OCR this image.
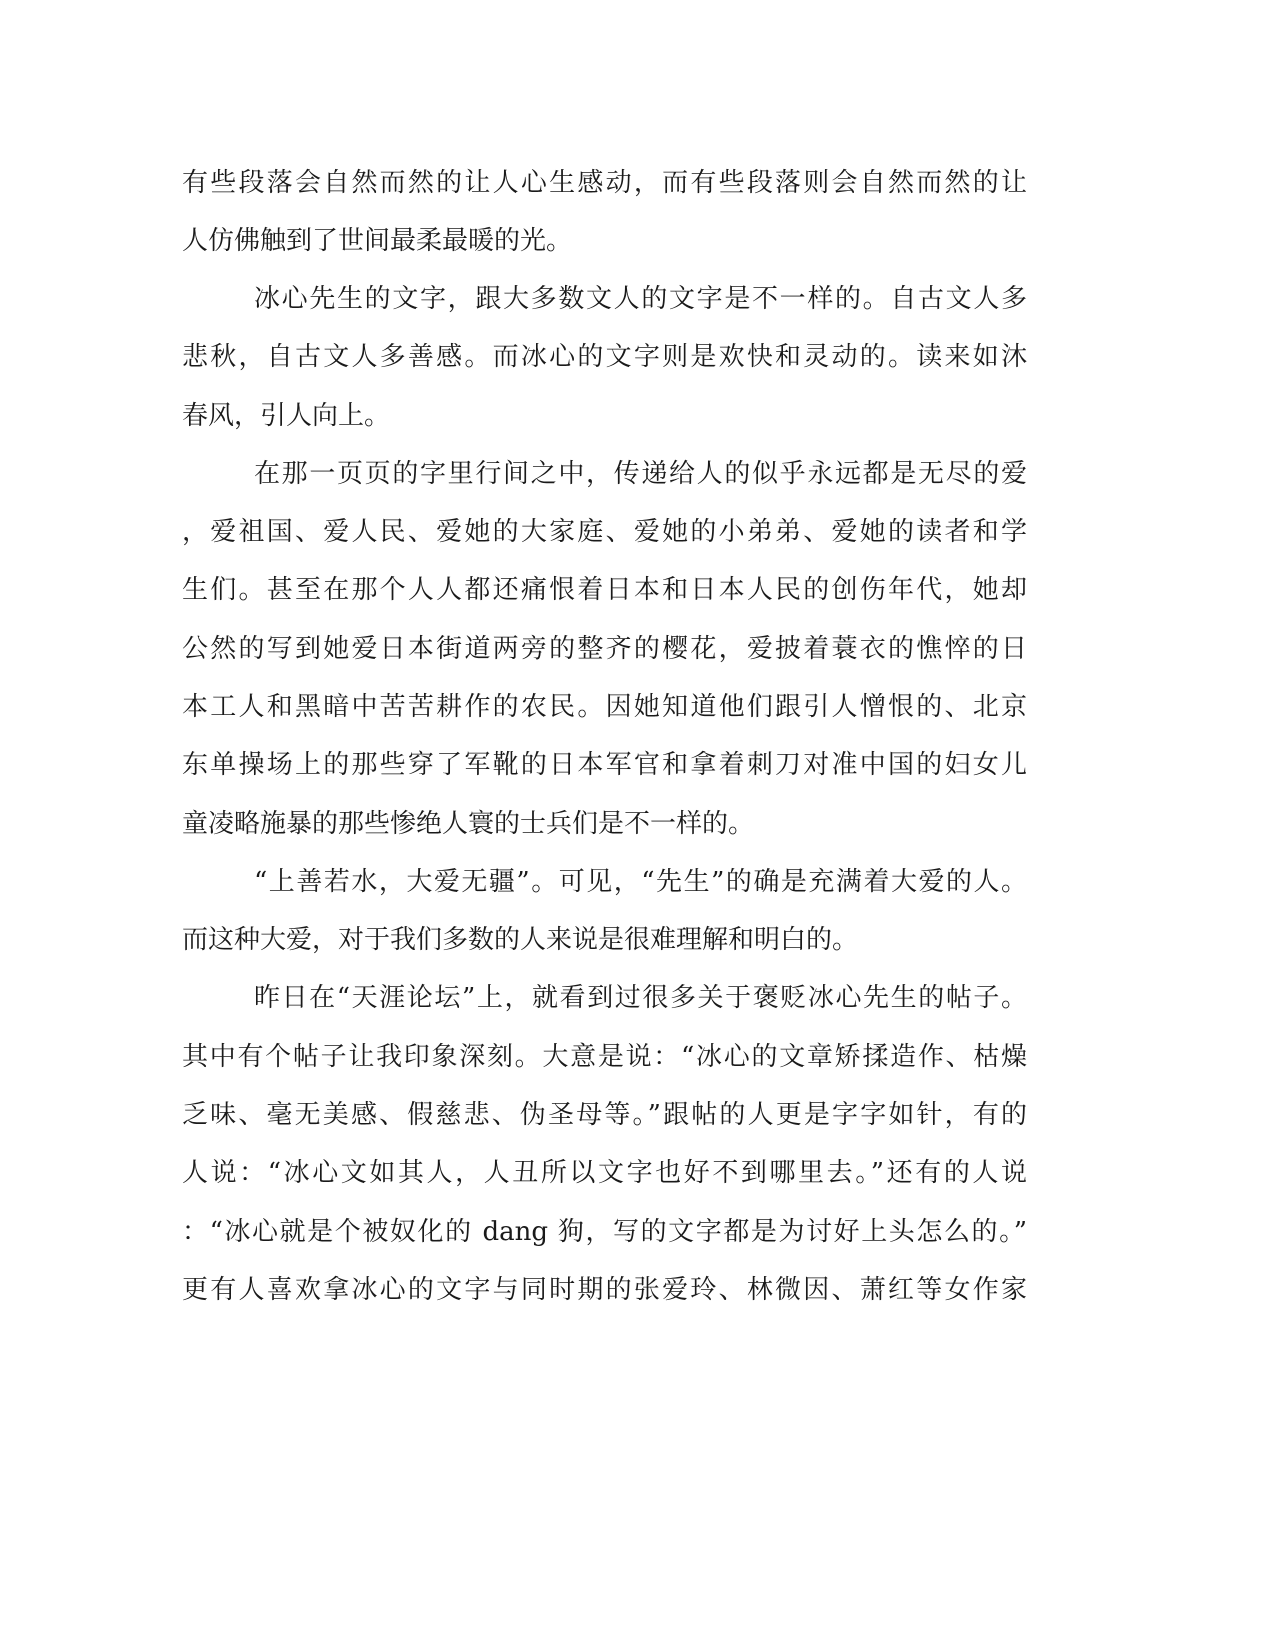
有些段落会自然而然的让人心生感动，而有些段落则会自然而然的让

人仿佛触到了世间最柔最暖的光。

冰心先生的文字，跟大多数文人的文字是不一样的。自古文人多

悲秋，自古文人多善感。而冰心的文字则是欢快和灵动的。读来如沐

春风，引人向上。

在那一页页的字里行间之中，传递给人的似乎永远都是无尽的爱

，爱祖国、爱人民、爱她的大家庭、爱她的小弟弟、爱她的读者和学

生们。甚至在那个人人都还痛恨着日本和日本人民的创伤年代，她却

公然的写到她爱日本街道两旁的整齐的樱花，爱披着蓑衣的憔悴的日

本工人和黑暗中苦苦耕作的农民。因她知道他们跟引人憎恨的、北京

东单操场上的那些穿了军靴的日本军官和拿着刺刀对准中国的妇女儿

童凌略施暴的那些惨绝人寰的士兵们是不一样的。

“上善若水，大爱无疆”。可见，“先生”的确是充满着大爱的人。

而这种大爱，对于我们多数的人来说是很难理解和明白的。

昨日在“天涯论坛”上，就看到过很多关于褒贬冰心先生的帖子。

其中有个帖子让我印象深刻。大意是说：“冰心的文章矫揉造作、枯燥

乏味、毫无美感、假慈悲、伪圣母等。”跟帖的人更是字字如针，有的

人说：“冰心文如其人，人丑所以文字也好不到哪里去。”还有的人说

：“冰心就是个被奴化的 dang 狗，写的文字都是为讨好上头怎么的。”

更有人喜欢拿冰心的文字与同时期的张爱玲、林微因、萧红等女作家
